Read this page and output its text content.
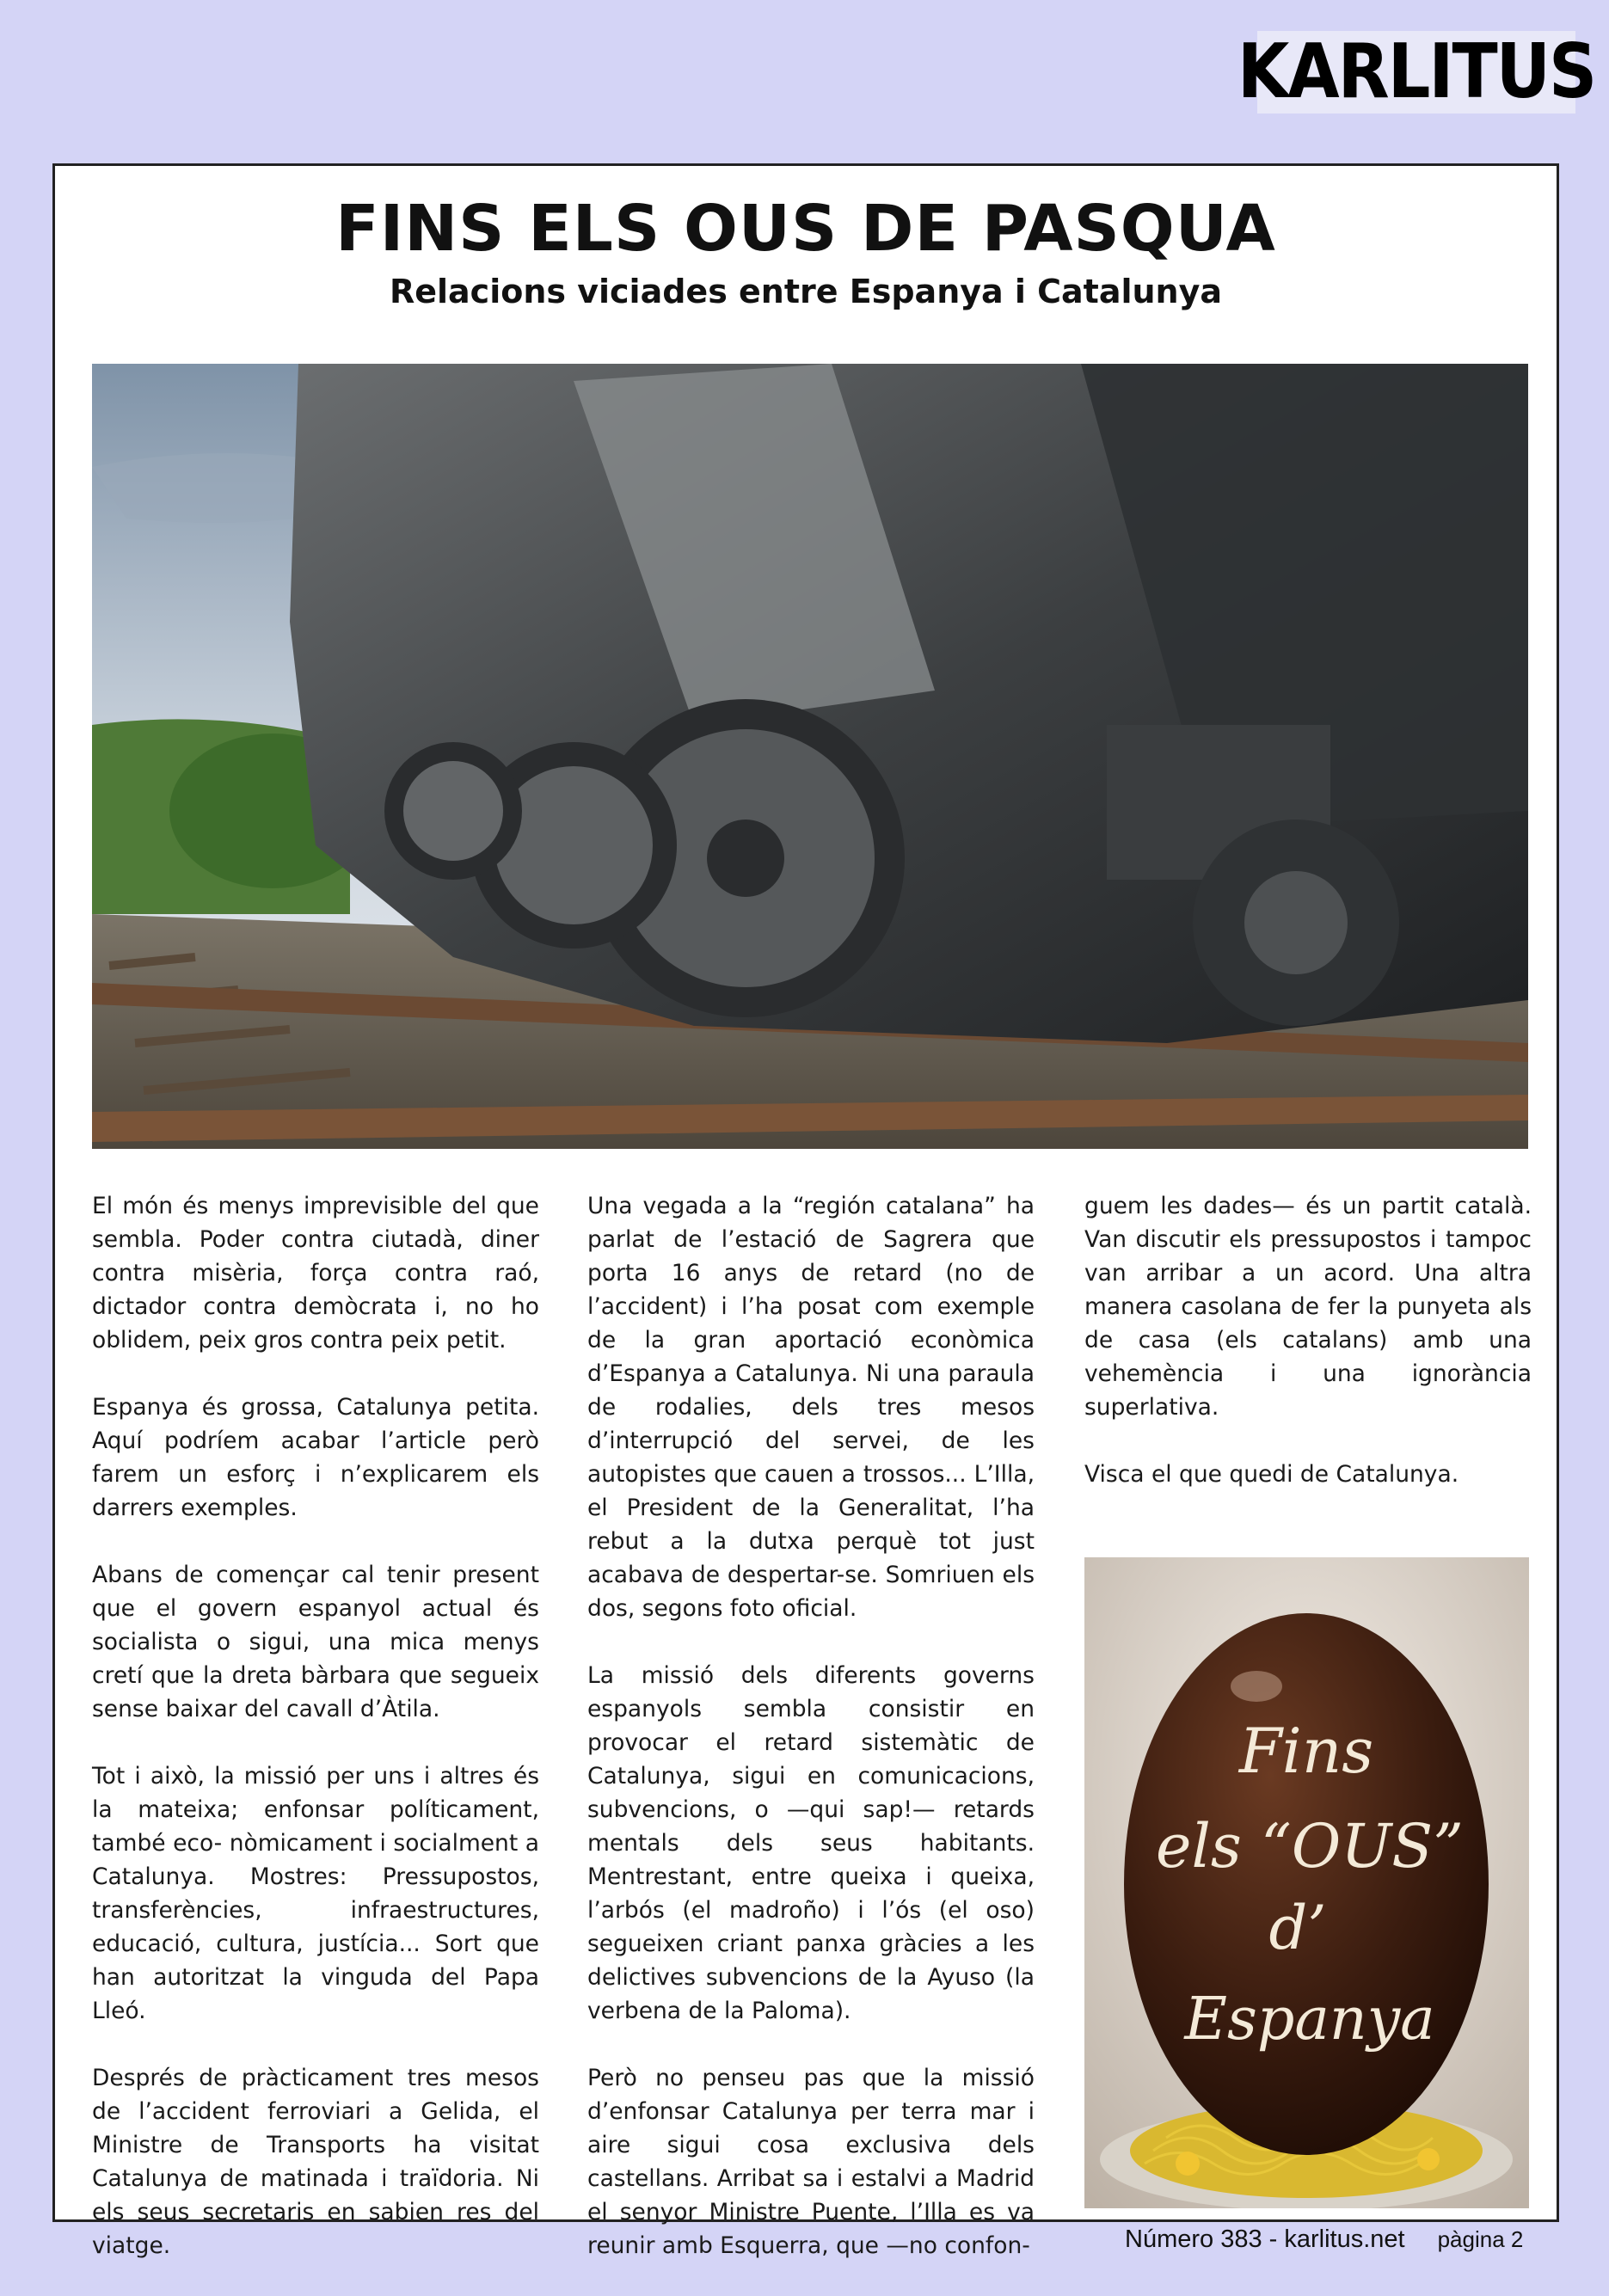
KARLITUS
FINS ELS OUS DE PASQUA
Relacions viciades entre Espanya i Catalunya

El món és menys imprevisible del que sembla. Poder contra ciutadà, diner contra misèria, força contra raó, dictador contra demòcrata i, no ho oblidem, peix gros contra peix petit.

Espanya és grossa, Catalunya petita. Aquí podríem acabar l’article però farem un esforç i n’explicarem els darrers exemples.

Abans de començar cal tenir present que el govern espanyol actual és socialista o sigui, una mica menys cretí que la dreta bàrbara que segueix sense baixar del cavall d’Àtila.

Tot i això, la missió per uns i altres és la mateixa; enfonsar políticament, també eco- nòmicament i socialment a Catalunya. Mostres: Pressupostos, transferències, infraestructures, educació, cultura, justícia... Sort que han autoritzat la vinguda del Papa Lleó.

Després de pràcticament tres mesos de l’accident ferroviari a Gelida, el Ministre de Transports ha visitat Catalunya de matinada i traïdoria. Ni els seus secretaris en sabien res del viatge.

Una vegada a la “región catalana” ha parlat de l’estació de Sagrera que porta 16 anys de retard (no de l’accident) i l’ha posat com exemple de la gran aportació econòmica d’Espanya a Catalunya. Ni una paraula de rodalies, dels tres mesos d’interrupció del servei, de les autopistes que cauen a trossos... L’Illa, el President de la Generalitat, l’ha rebut a la dutxa perquè tot just acabava de despertar-se. Somriuen els dos, segons foto oficial.

La missió dels diferents governs espanyols sembla consistir en provocar el retard sistemàtic de Catalunya, sigui en comunicacions, subvencions, o —qui sap!— retards mentals dels seus habitants. Mentrestant, entre queixa i queixa, l’arbós (el madroño) i l’ós (el oso) segueixen criant panxa gràcies a les delictives subvencions de la Ayuso (la verbena de la Paloma).

Però no penseu pas que la missió d’enfonsar Catalunya per terra mar i aire sigui cosa exclusiva dels castellans. Arribat sa i estalvi a Madrid el senyor Ministre Puente, l’Illa es va reunir amb Esquerra, que —no confon-

guem les dades— és un partit català. Van discutir els pressupostos i tampoc van arribar a un acord. Una altra manera casolana de fer la punyeta als de casa (els catalans) amb una vehemència i una ignorància superlativa.

Visca el que quedi de Catalunya.

Fins
els “OUS”
d’
Espanya
Número 383 - karlitus.net pàgina 2
